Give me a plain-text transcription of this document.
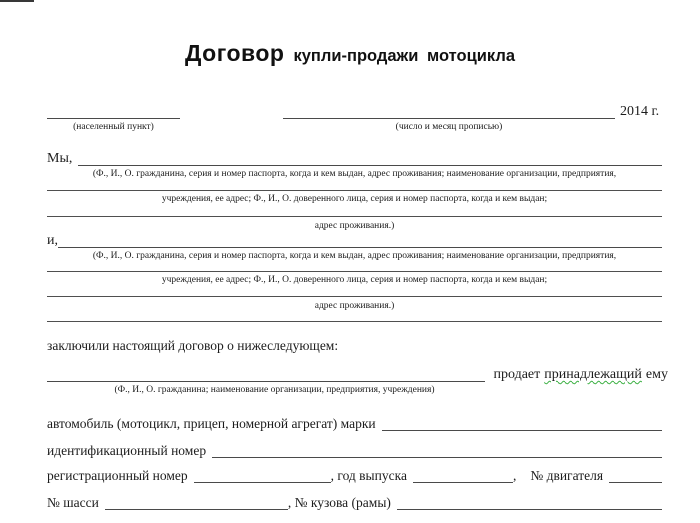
Договор купли-продажи мотоцикла
(населенный пункт)	(число и месяц прописью)
2014 г.
Мы,
(Ф., И., О. гражданина, серия и номер паспорта, когда и кем выдан, адрес проживания; наименование организации, предприятия,
учреждения, ее адрес; Ф., И., О. доверенного лица, серия и номер паспорта, когда и кем выдан;
адрес проживания.)
и,
(Ф., И., О. гражданина, серия и номер паспорта, когда и кем выдан, адрес проживания; наименование организации, предприятия,
учреждения, ее адрес; Ф., И., О. доверенного лица, серия и номер паспорта, когда и кем выдан;
адрес проживания.)
заключили настоящий договор о нижеследующем:
продает принадлежащий ему
(Ф., И., О. гражданина; наименование организации, предприятия, учреждения)
автомобиль (мотоцикл, прицеп, номерной агрегат) марки
идентификационный номер
регистрационный номер	, год выпуска	, № двигателя
№ шасси	, № кузова (рамы)
